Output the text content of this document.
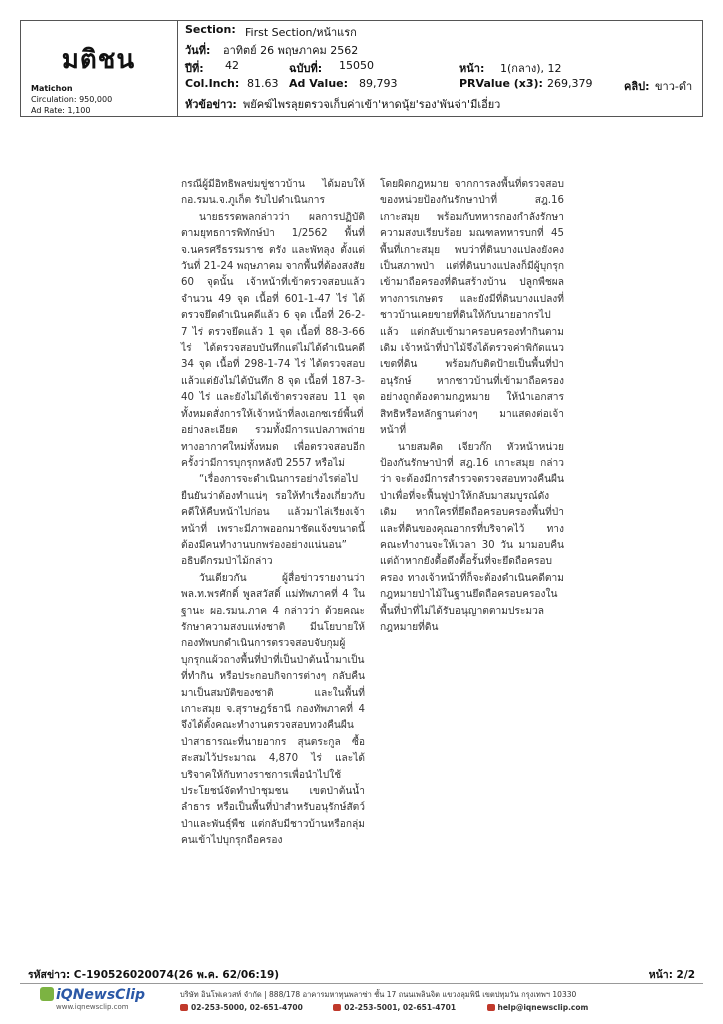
มติชน
Matichon
Circulation: 950,000
Ad Rate: 1,100
Section: First Section/หน้าแรก
วันที่: อาทิตย์ 26 พฤษภาคม 2562
ปีที่: 42	ฉบับที่: 15050	หน้า: 1(กลาง), 12
Col.Inch: 81.63 Ad Value: 89,793	PRValue (x3): 269,379	คลิป: ขาว-ดำ
หัวข้อข่าว: พยัคฆ์ไพรลุยตรวจเก็บค่าเข้า'หาดนุ้ย'รอง'พันจ่า'มีเอี่ยว

กรณีผู้มีอิทธิพลข่มขู่ชาวบ้าน ได้มอบให้กอ.รมน.จ.ภูเก็ต รับไปดำเนินการ

นายธรรดพลกล่าวว่า ผลการปฏิบัติตามยุทธการพิทักษ์ป่า 1/2562 พื้นที่ จ.นครศรีธรรมราช ตรัง และพัทลุง ตั้งแต่วันที่ 21-24 พฤษภาคม จากพื้นที่ต้องสงสัย 60 จุดนั้น เจ้าหน้าที่เข้าตรวจสอบแล้วจำนวน 49 จุด เนื้อที่ 601-1-47 ไร่ ได้ตรวจยึดดำเนินคดีแล้ว 6 จุด เนื้อที่ 26-2-7 ไร่ ตรวจยึดแล้ว 1 จุด เนื้อที่ 88-3-66 ไร่ ได้ตรวจสอบบันทึกแต่ไม่ได้ดำเนินคดี 34 จุด เนื้อที่ 298-1-74 ไร่ ได้ตรวจสอบแล้วแต่ยังไม่ได้บันทึก 8 จุด เนื้อที่ 187-3-40 ไร่ และยังไม่ได้เข้าตรวจสอบ 11 จุด ทั้งหมดสั่งการให้เจ้าหน้าที่ลงเอกซเรย์พื้นที่อย่างละเอียด รวมทั้งมีการแปลภาพถ่ายทางอากาศใหม่ทั้งหมด เพื่อตรวจสอบอีกครั้งว่ามีการบุกรุกหลังปี 2557 หรือไม่

“เรื่องการจะดำเนินการอย่างไรต่อไปยืนยันว่าต้องทำแน่ๆ รอให้ทำเรื่องเกี่ยวกับคดีให้คืบหน้าไปก่อน แล้วมาไล่เรียงเจ้าหน้าที่ เพราะมีภาพออกมาชัดแจ้งขนาดนี้ ต้องมีคนทำงานบกพร่องอย่างแน่นอน” อธิบดีกรมป่าไม้กล่าว

วันเดียวกัน ผู้สื่อข่าวรายงานว่า พล.ท.พรศักดิ์ พูลสวัสดิ์ แม่ทัพภาคที่ 4 ในฐานะ ผอ.รมน.ภาค 4 กล่าวว่า ด้วยคณะรักษาความสงบแห่งชาติ มีนโยบายให้กองทัพบกดำเนินการตรวจสอบจับกุมผู้บุกรุกแผ้วถางพื้นที่ป่าที่เป็นป่าต้นน้ำมาเป็นที่ทำกิน หรือประกอบกิจการต่างๆ กลับคืนมาเป็นสมบัติของชาติ และในพื้นที่เกาะสมุย จ.สุราษฎร์ธานี กองทัพภาคที่ 4 จึงได้ตั้งคณะทำงานตรวจสอบทวงคืนผืนป่าสาธารณะที่นายอากร สุนตระกูล ซื้อสะสมไว้ประมาณ 4,870 ไร่ และได้บริจาคให้กับทางราชการเพื่อนำไปใช้ประโยชน์จัดทำป่าชุมชน เขตป่าต้นน้ำลำธาร หรือเป็นพื้นที่ป่าสำหรับอนุรักษ์สัตว์ป่าและพันธุ์พืช แต่กลับมีชาวบ้านหรือกลุ่มคนเข้าไปบุกรุกถือครอง

โดยผิดกฎหมาย จากการลงพื้นที่ตรวจสอบของหน่วยป้องกันรักษาป่าที่ สฎ.16 เกาะสมุย พร้อมกับทหารกองกำลังรักษาความสงบเรียบร้อย มณฑลทหารบกที่ 45 พื้นที่เกาะสมุย พบว่าที่ดินบางแปลงยังคงเป็นสภาพป่า แต่ที่ดินบางแปลงก็มีผู้บุกรุกเข้ามาถือครองที่ดินสร้างบ้าน ปลูกพืชผลทางการเกษตร และยังมีที่ดินบางแปลงที่ชาวบ้านเคยขายที่ดินให้กับนายอากรไปแล้ว แต่กลับเข้ามาครอบครองทำกินตามเดิม เจ้าหน้าที่ป่าไม้จึงได้ตรวจค่าพิกัดแนวเขตที่ดิน พร้อมกับติดป้ายเป็นพื้นที่ป่าอนุรักษ์ หากชาวบ้านที่เข้ามาถือครองอย่างถูกต้องตามกฎหมาย ให้นำเอกสารสิทธิหรือหลักฐานต่างๆ มาแสดงต่อเจ้าหน้าที่

นายสมคิด เจียวก๊ก หัวหน้าหน่วยป้องกันรักษาป่าที่ สฎ.16 เกาะสมุย กล่าวว่า จะต้องมีการสำรวจตรวจสอบทวงคืนผืนป่าเพื่อที่จะฟื้นฟูป่าให้กลับมาสมบูรณ์ดังเดิม หากใครที่ยึดถือครอบครองพื้นที่ป่าและที่ดินของคุณอากรที่บริจาคไว้ ทางคณะทำงานจะให้เวลา 30 วัน มามอบคืนแต่ถ้าหากยังดื้อดึงดื้อรั้นที่จะยึดถือครอบครอง ทางเจ้าหน้าที่ก็จะต้องดำเนินคดีตามกฎหมายป่าไม้ในฐานยึดถือครอบครองในพื้นที่ป่าที่ไม่ได้รับอนุญาตตามประมวลกฎหมายที่ดิน

รหัสข่าว: C-190526020074(26 พ.ค. 62/06:19)	หน้า: 2/2
iQNewsClip
www.iqnewsclip.com
บริษัท อินโฟเควสท์ จำกัด | 888/178 อาคารมหาทุนพลาซ่า ชั้น 17 ถนนเพลินจิต แขวงลุมพินี เขตปทุมวัน กรุงเทพฯ 10330
02-253-5000, 02-651-4700	02-253-5001, 02-651-4701	help@iqnewsclip.com
